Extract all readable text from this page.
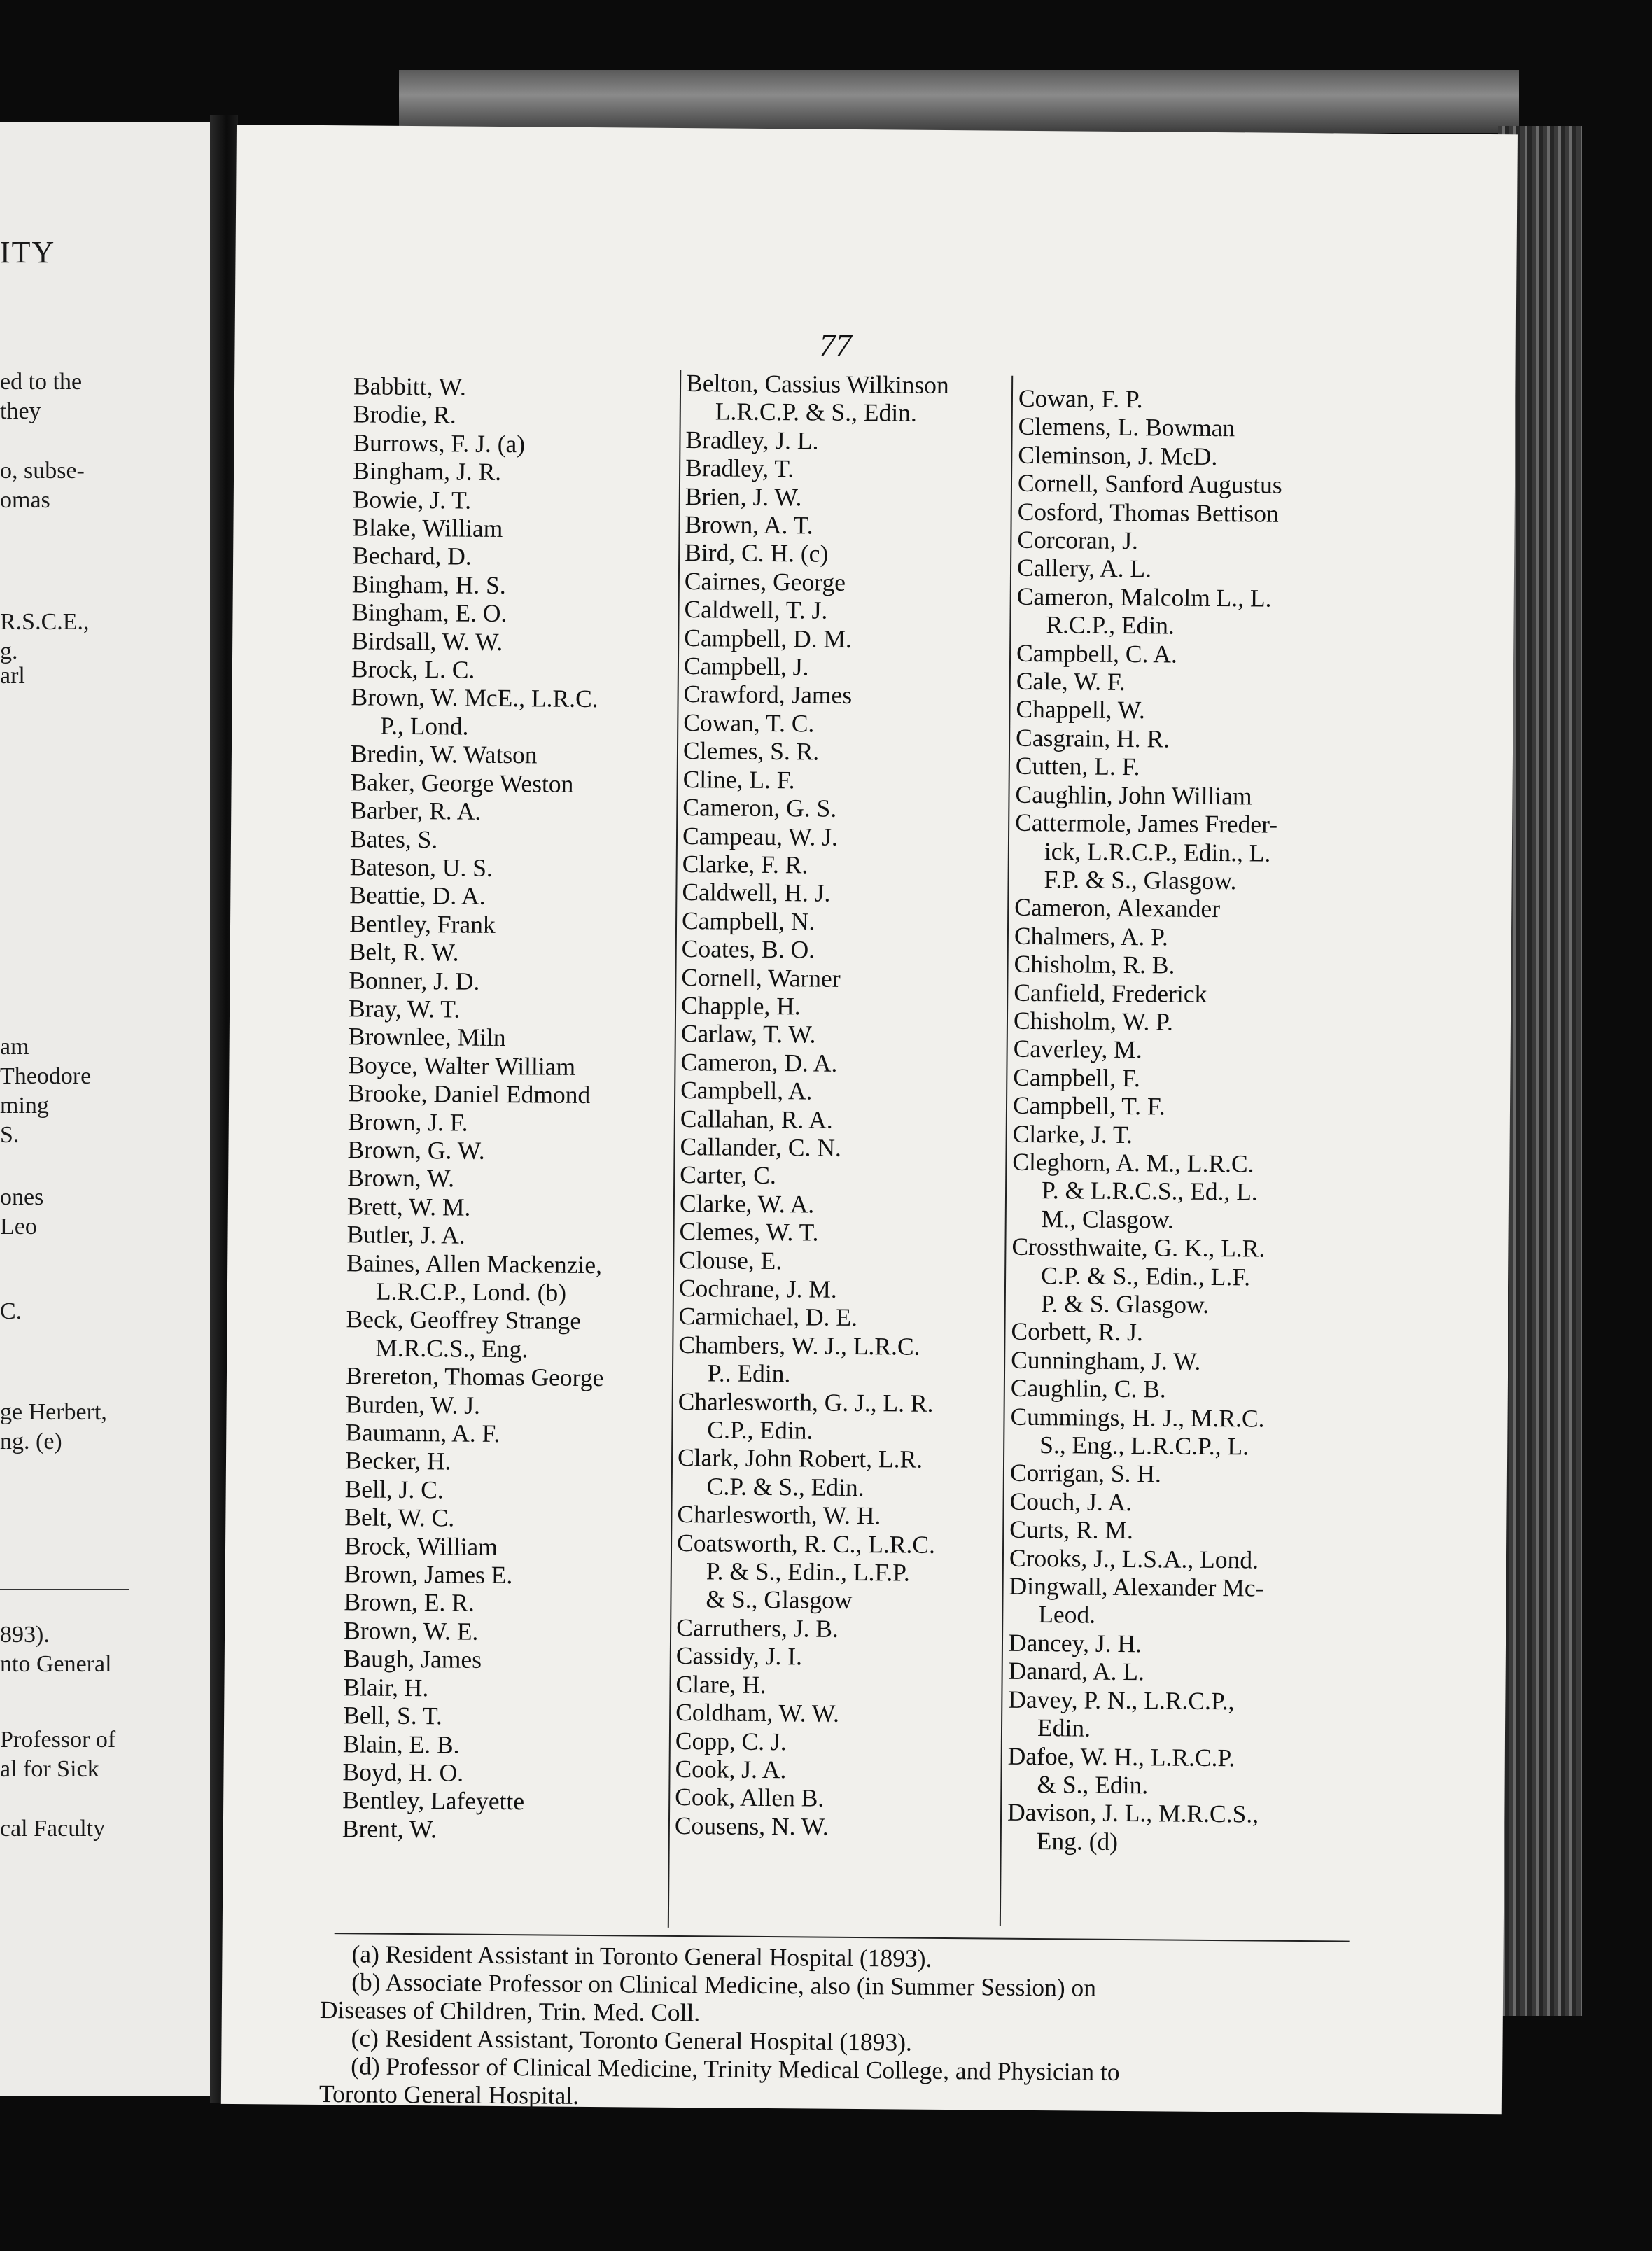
ITY
ed to the
they
o, subse-
omas
R.S.C.E.,
g.
arl
am
Theodore
ming
S.
ones
Leo
C.
ge Herbert,
ng. (e)
893).
nto General
Professor of
al for Sick
cal Faculty
77
Babbitt, W.
Brodie, R.
Burrows, F. J. (a)
Bingham, J. R.
Bowie, J. T.
Blake, William
Bechard, D.
Bingham, H. S.
Bingham, E. O.
Birdsall, W. W.
Brock, L. C.
Brown, W. McE., L.R.C.
P., Lond.
Bredin, W. Watson
Baker, George Weston
Barber, R. A.
Bates, S.
Bateson, U. S.
Beattie, D. A.
Bentley, Frank
Belt, R. W.
Bonner, J. D.
Bray, W. T.
Brownlee, Miln
Boyce, Walter William
Brooke, Daniel Edmond
Brown, J. F.
Brown, G. W.
Brown, W.
Brett, W. M.
Butler, J. A.
Baines, Allen Mackenzie,
L.R.C.P., Lond. (b)
Beck, Geoffrey Strange
M.R.C.S., Eng.
Brereton, Thomas George
Burden, W. J.
Baumann, A. F.
Becker, H.
Bell, J. C.
Belt, W. C.
Brock, William
Brown, James E.
Brown, E. R.
Brown, W. E.
Baugh, James
Blair, H.
Bell, S. T.
Blain, E. B.
Boyd, H. O.
Bentley, Lafeyette
Brent, W.
Belton, Cassius Wilkinson
L.R.C.P. & S., Edin.
Bradley, J. L.
Bradley, T.
Brien, J. W.
Brown, A. T.
Bird, C. H. (c)
Cairnes, George
Caldwell, T. J.
Campbell, D. M.
Campbell, J.
Crawford, James
Cowan, T. C.
Clemes, S. R.
Cline, L. F.
Cameron, G. S.
Campeau, W. J.
Clarke, F. R.
Caldwell, H. J.
Campbell, N.
Coates, B. O.
Cornell, Warner
Chapple, H.
Carlaw, T. W.
Cameron, D. A.
Campbell, A.
Callahan, R. A.
Callander, C. N.
Carter, C.
Clarke, W. A.
Clemes, W. T.
Clouse, E.
Cochrane, J. M.
Carmichael, D. E.
Chambers, W. J., L.R.C.
P.. Edin.
Charlesworth, G. J., L. R.
C.P., Edin.
Clark, John Robert, L.R.
C.P. & S., Edin.
Charlesworth, W. H.
Coatsworth, R. C., L.R.C.
P. & S., Edin., L.F.P.
& S., Glasgow
Carruthers, J. B.
Cassidy, J. I.
Clare, H.
Coldham, W. W.
Copp, C. J.
Cook, J. A.
Cook, Allen B.
Cousens, N. W.
Cowan, F. P.
Clemens, L. Bowman
Cleminson, J. McD.
Cornell, Sanford Augustus
Cosford, Thomas Bettison
Corcoran, J.
Callery, A. L.
Cameron, Malcolm L., L.
R.C.P., Edin.
Campbell, C. A.
Cale, W. F.
Chappell, W.
Casgrain, H. R.
Cutten, L. F.
Caughlin, John William
Cattermole, James Freder-
ick, L.R.C.P., Edin., L.
F.P. & S., Glasgow.
Cameron, Alexander
Chalmers, A. P.
Chisholm, R. B.
Canfield, Frederick
Chisholm, W. P.
Caverley, M.
Campbell, F.
Campbell, T. F.
Clarke, J. T.
Cleghorn, A. M., L.R.C.
P. & L.R.C.S., Ed., L.
M., Clasgow.
Crossthwaite, G. K., L.R.
C.P. & S., Edin., L.F.
P. & S. Glasgow.
Corbett, R. J.
Cunningham, J. W.
Caughlin, C. B.
Cummings, H. J., M.R.C.
S., Eng., L.R.C.P., L.
Corrigan, S. H.
Couch, J. A.
Curts, R. M.
Crooks, J., L.S.A., Lond.
Dingwall, Alexander Mc-
Leod.
Dancey, J. H.
Danard, A. L.
Davey, P. N., L.R.C.P.,
Edin.
Dafoe, W. H., L.R.C.P.
& S., Edin.
Davison, J. L., M.R.C.S.,
Eng. (d)
(a) Resident Assistant in Toronto General Hospital (1893).
(b) Associate Professor on Clinical Medicine, also (in Summer Session) on
Diseases of Children, Trin. Med. Coll.
(c) Resident Assistant, Toronto General Hospital (1893).
(d) Professor of Clinical Medicine, Trinity Medical College, and Physician to
Toronto General Hospital.
